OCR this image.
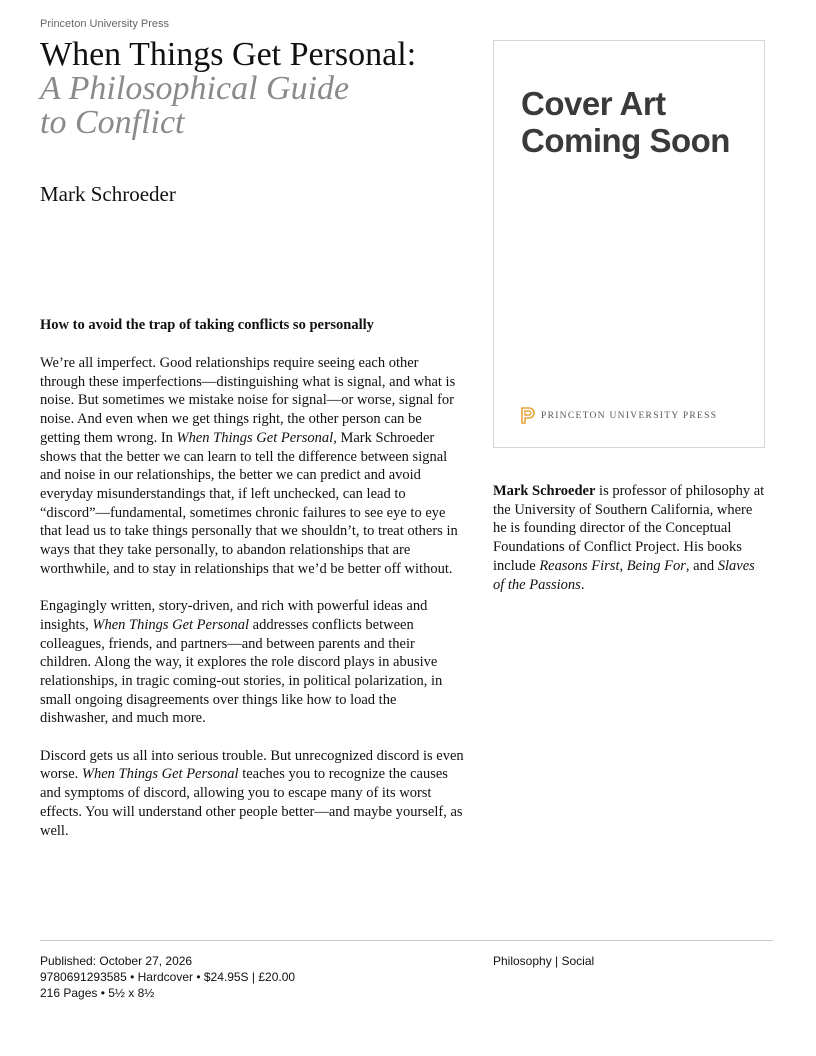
Princeton University Press
When Things Get Personal:
A Philosophical Guide
to Conflict
Mark Schroeder
How to avoid the trap of taking conflicts so personally

We’re all imperfect. Good relationships require seeing each other through these imperfections—distinguishing what is signal, and what is noise. But sometimes we mistake noise for signal—or worse, signal for noise. And even when we get things right, the other person can be getting them wrong. In When Things Get Personal, Mark Schroeder shows that the better we can learn to tell the difference between signal and noise in our relationships, the better we can predict and avoid everyday misunderstandings that, if left unchecked, can lead to “discord”—fundamental, sometimes chronic failures to see eye to eye that lead us to take things personally that we shouldn’t, to treat others in ways that they take personally, to abandon relationships that are worthwhile, and to stay in relationships that we’d be better off without.

Engagingly written, story-driven, and rich with powerful ideas and insights, When Things Get Personal addresses conflicts between colleagues, friends, and partners—and between parents and their children. Along the way, it explores the role discord plays in abusive relationships, in tragic coming-out stories, in political polarization, in small ongoing disagreements over things like how to load the dishwasher, and much more.

Discord gets us all into serious trouble. But unrecognized discord is even worse. When Things Get Personal teaches you to recognize the causes and symptoms of discord, allowing you to escape many of its worst effects. You will understand other people better—and maybe yourself, as well.

Cover Art
Coming Soon
PRINCETON UNIVERSITY PRESS
Mark Schroeder is professor of philosophy at the University of Southern California, where he is founding director of the Conceptual Foundations of Conflict Project. His books include Reasons First, Being For, and Slaves of the Passions.
Published: October 27, 2026
9780691293585 • Hardcover • $24.95S | £20.00
216 Pages • 5½ x 8½
Philosophy | Social
